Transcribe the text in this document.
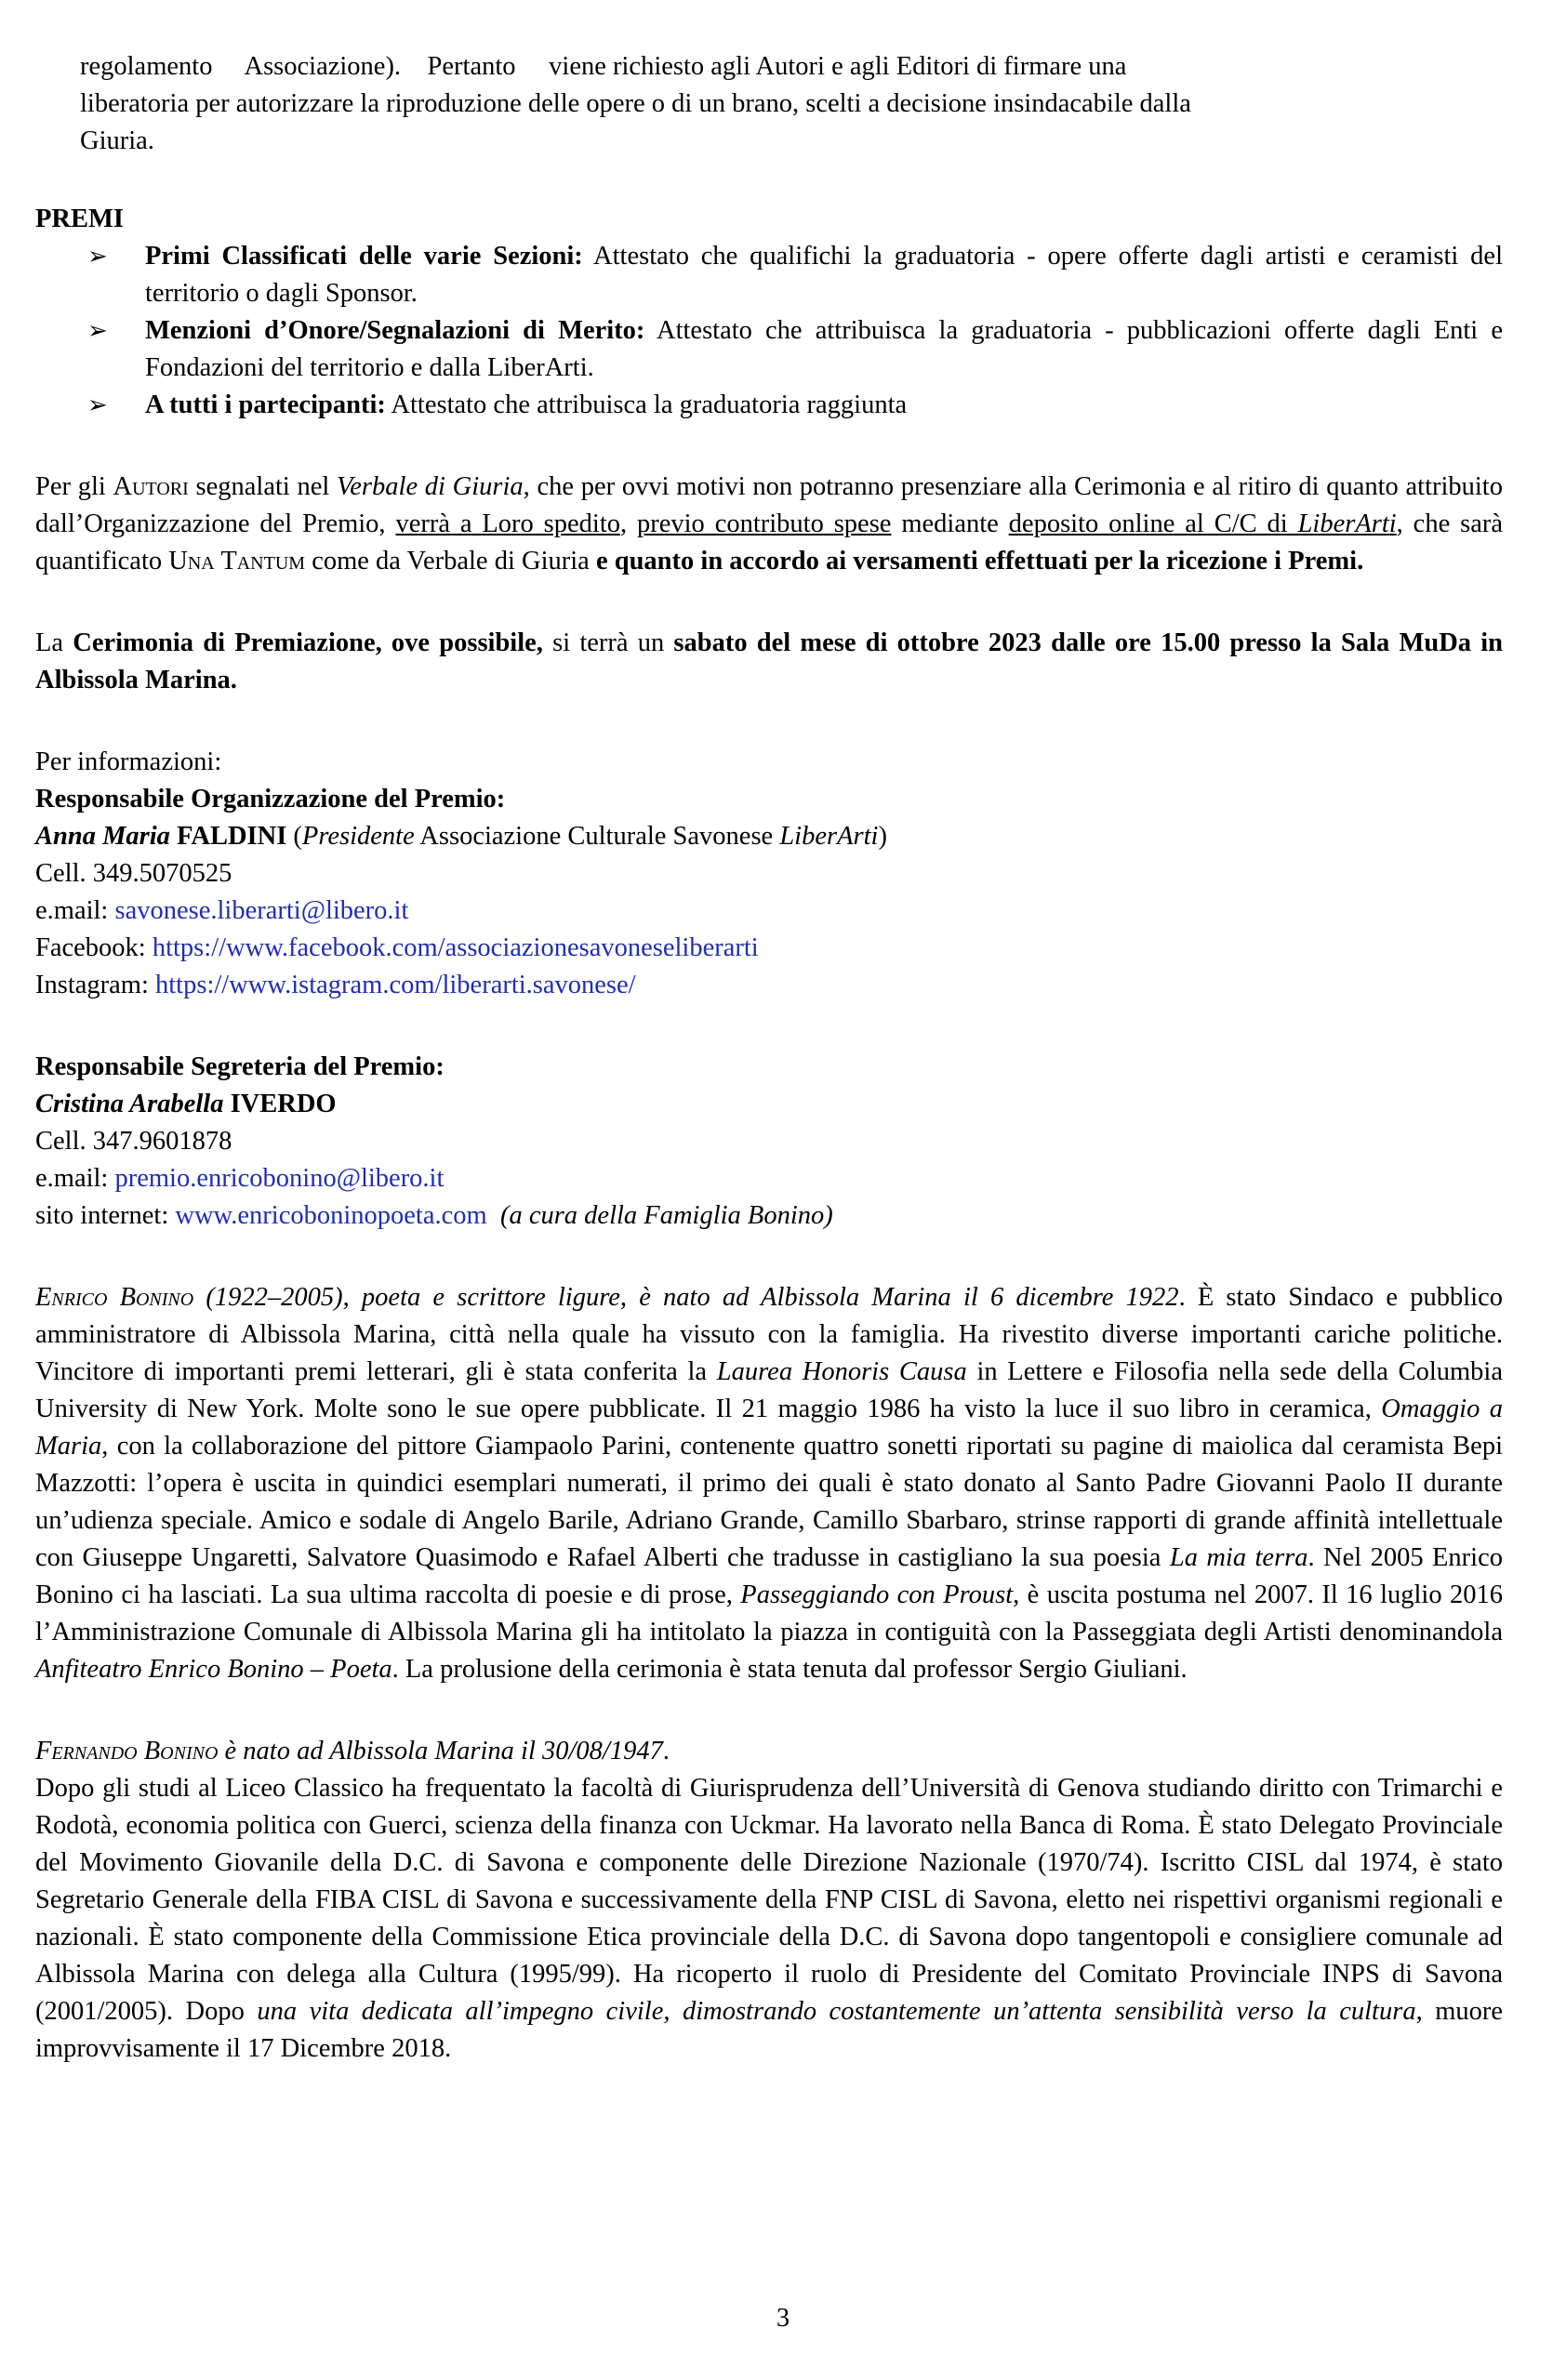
regolamento     Associazione).    Pertanto     viene richiesto agli Autori e agli Editori di firmare una

liberatoria per autorizzare la riproduzione delle opere o di un brano, scelti a decisione insindacabile dalla

Giuria.

PREMI

➢ Primi Classificati delle varie Sezioni: Attestato che qualifichi la graduatoria - opere offerte dagli artisti e ceramisti del territorio o dagli Sponsor.
➢ Menzioni d’Onore/Segnalazioni di Merito: Attestato che attribuisca la graduatoria - pubblicazioni offerte dagli Enti e Fondazioni del territorio e dalla LiberArti.
➢ A tutti i partecipanti: Attestato che attribuisca la graduatoria raggiunta

Per gli Autori segnalati nel Verbale di Giuria, che per ovvi motivi non potranno presenziare alla Cerimonia e al ritiro di quanto attribuito dall’Organizzazione del Premio, verrà a Loro spedito, previo contributo spese mediante deposito online al C/C di LiberArti, che sarà quantificato Una Tantum come da Verbale di Giuria e quanto in accordo ai versamenti effettuati per la ricezione i Premi.

La Cerimonia di Premiazione, ove possibile, si terrà un sabato del mese di ottobre 2023 dalle ore 15.00 presso la Sala MuDa in Albissola Marina.

Per informazioni:

Responsabile Organizzazione del Premio:

Anna Maria FALDINI (Presidente Associazione Culturale Savonese LiberArti)

Cell. 349.5070525

e.mail: savonese.liberarti@libero.it

Facebook: https://www.facebook.com/associazionesavoneseliberarti

Instagram: https://www.istagram.com/liberarti.savonese/

Responsabile Segreteria del Premio:

Cristina Arabella IVERDO

Cell. 347.9601878

e.mail: premio.enricobonino@libero.it

sito internet: www.enricoboninopoeta.com (a cura della Famiglia Bonino)

Enrico Bonino (1922–2005), poeta e scrittore ligure, è nato ad Albissola Marina il 6 dicembre 1922. È stato Sindaco e pubblico amministratore di Albissola Marina, città nella quale ha vissuto con la famiglia. Ha rivestito diverse importanti cariche politiche. Vincitore di importanti premi letterari, gli è stata conferita la Laurea Honoris Causa in Lettere e Filosofia nella sede della Columbia University di New York. Molte sono le sue opere pubblicate. Il 21 maggio 1986 ha visto la luce il suo libro in ceramica, Omaggio a Maria, con la collaborazione del pittore Giampaolo Parini, contenente quattro sonetti riportati su pagine di maiolica dal ceramista Bepi Mazzotti: l’opera è uscita in quindici esemplari numerati, il primo dei quali è stato donato al Santo Padre Giovanni Paolo II durante un’udienza speciale. Amico e sodale di Angelo Barile, Adriano Grande, Camillo Sbarbaro, strinse rapporti di grande affinità intellettuale con Giuseppe Ungaretti, Salvatore Quasimodo e Rafael Alberti che tradusse in castigliano la sua poesia La mia terra. Nel 2005 Enrico Bonino ci ha lasciati. La sua ultima raccolta di poesie e di prose, Passeggiando con Proust, è uscita postuma nel 2007. Il 16 luglio 2016 l’Amministrazione Comunale di Albissola Marina gli ha intitolato la piazza in contiguità con la Passeggiata degli Artisti denominandola Anfiteatro Enrico Bonino – Poeta. La prolusione della cerimonia è stata tenuta dal professor Sergio Giuliani.

Fernando Bonino è nato ad Albissola Marina il 30/08/1947.

Dopo gli studi al Liceo Classico ha frequentato la facoltà di Giurisprudenza dell’Università di Genova studiando diritto con Trimarchi e Rodotà, economia politica con Guerci, scienza della finanza con Uckmar. Ha lavorato nella Banca di Roma. È stato Delegato Provinciale del Movimento Giovanile della D.C. di Savona e componente delle Direzione Nazionale (1970/74). Iscritto CISL dal 1974, è stato Segretario Generale della FIBA CISL di Savona e successivamente della FNP CISL di Savona, eletto nei rispettivi organismi regionali e nazionali. È stato componente della Commissione Etica provinciale della D.C. di Savona dopo tangentopoli e consigliere comunale ad Albissola Marina con delega alla Cultura (1995/99). Ha ricoperto il ruolo di Presidente del Comitato Provinciale INPS di Savona (2001/2005). Dopo una vita dedicata all’impegno civile, dimostrando costantemente un’attenta sensibilità verso la cultura, muore improvvisamente il 17 Dicembre 2018.

3
